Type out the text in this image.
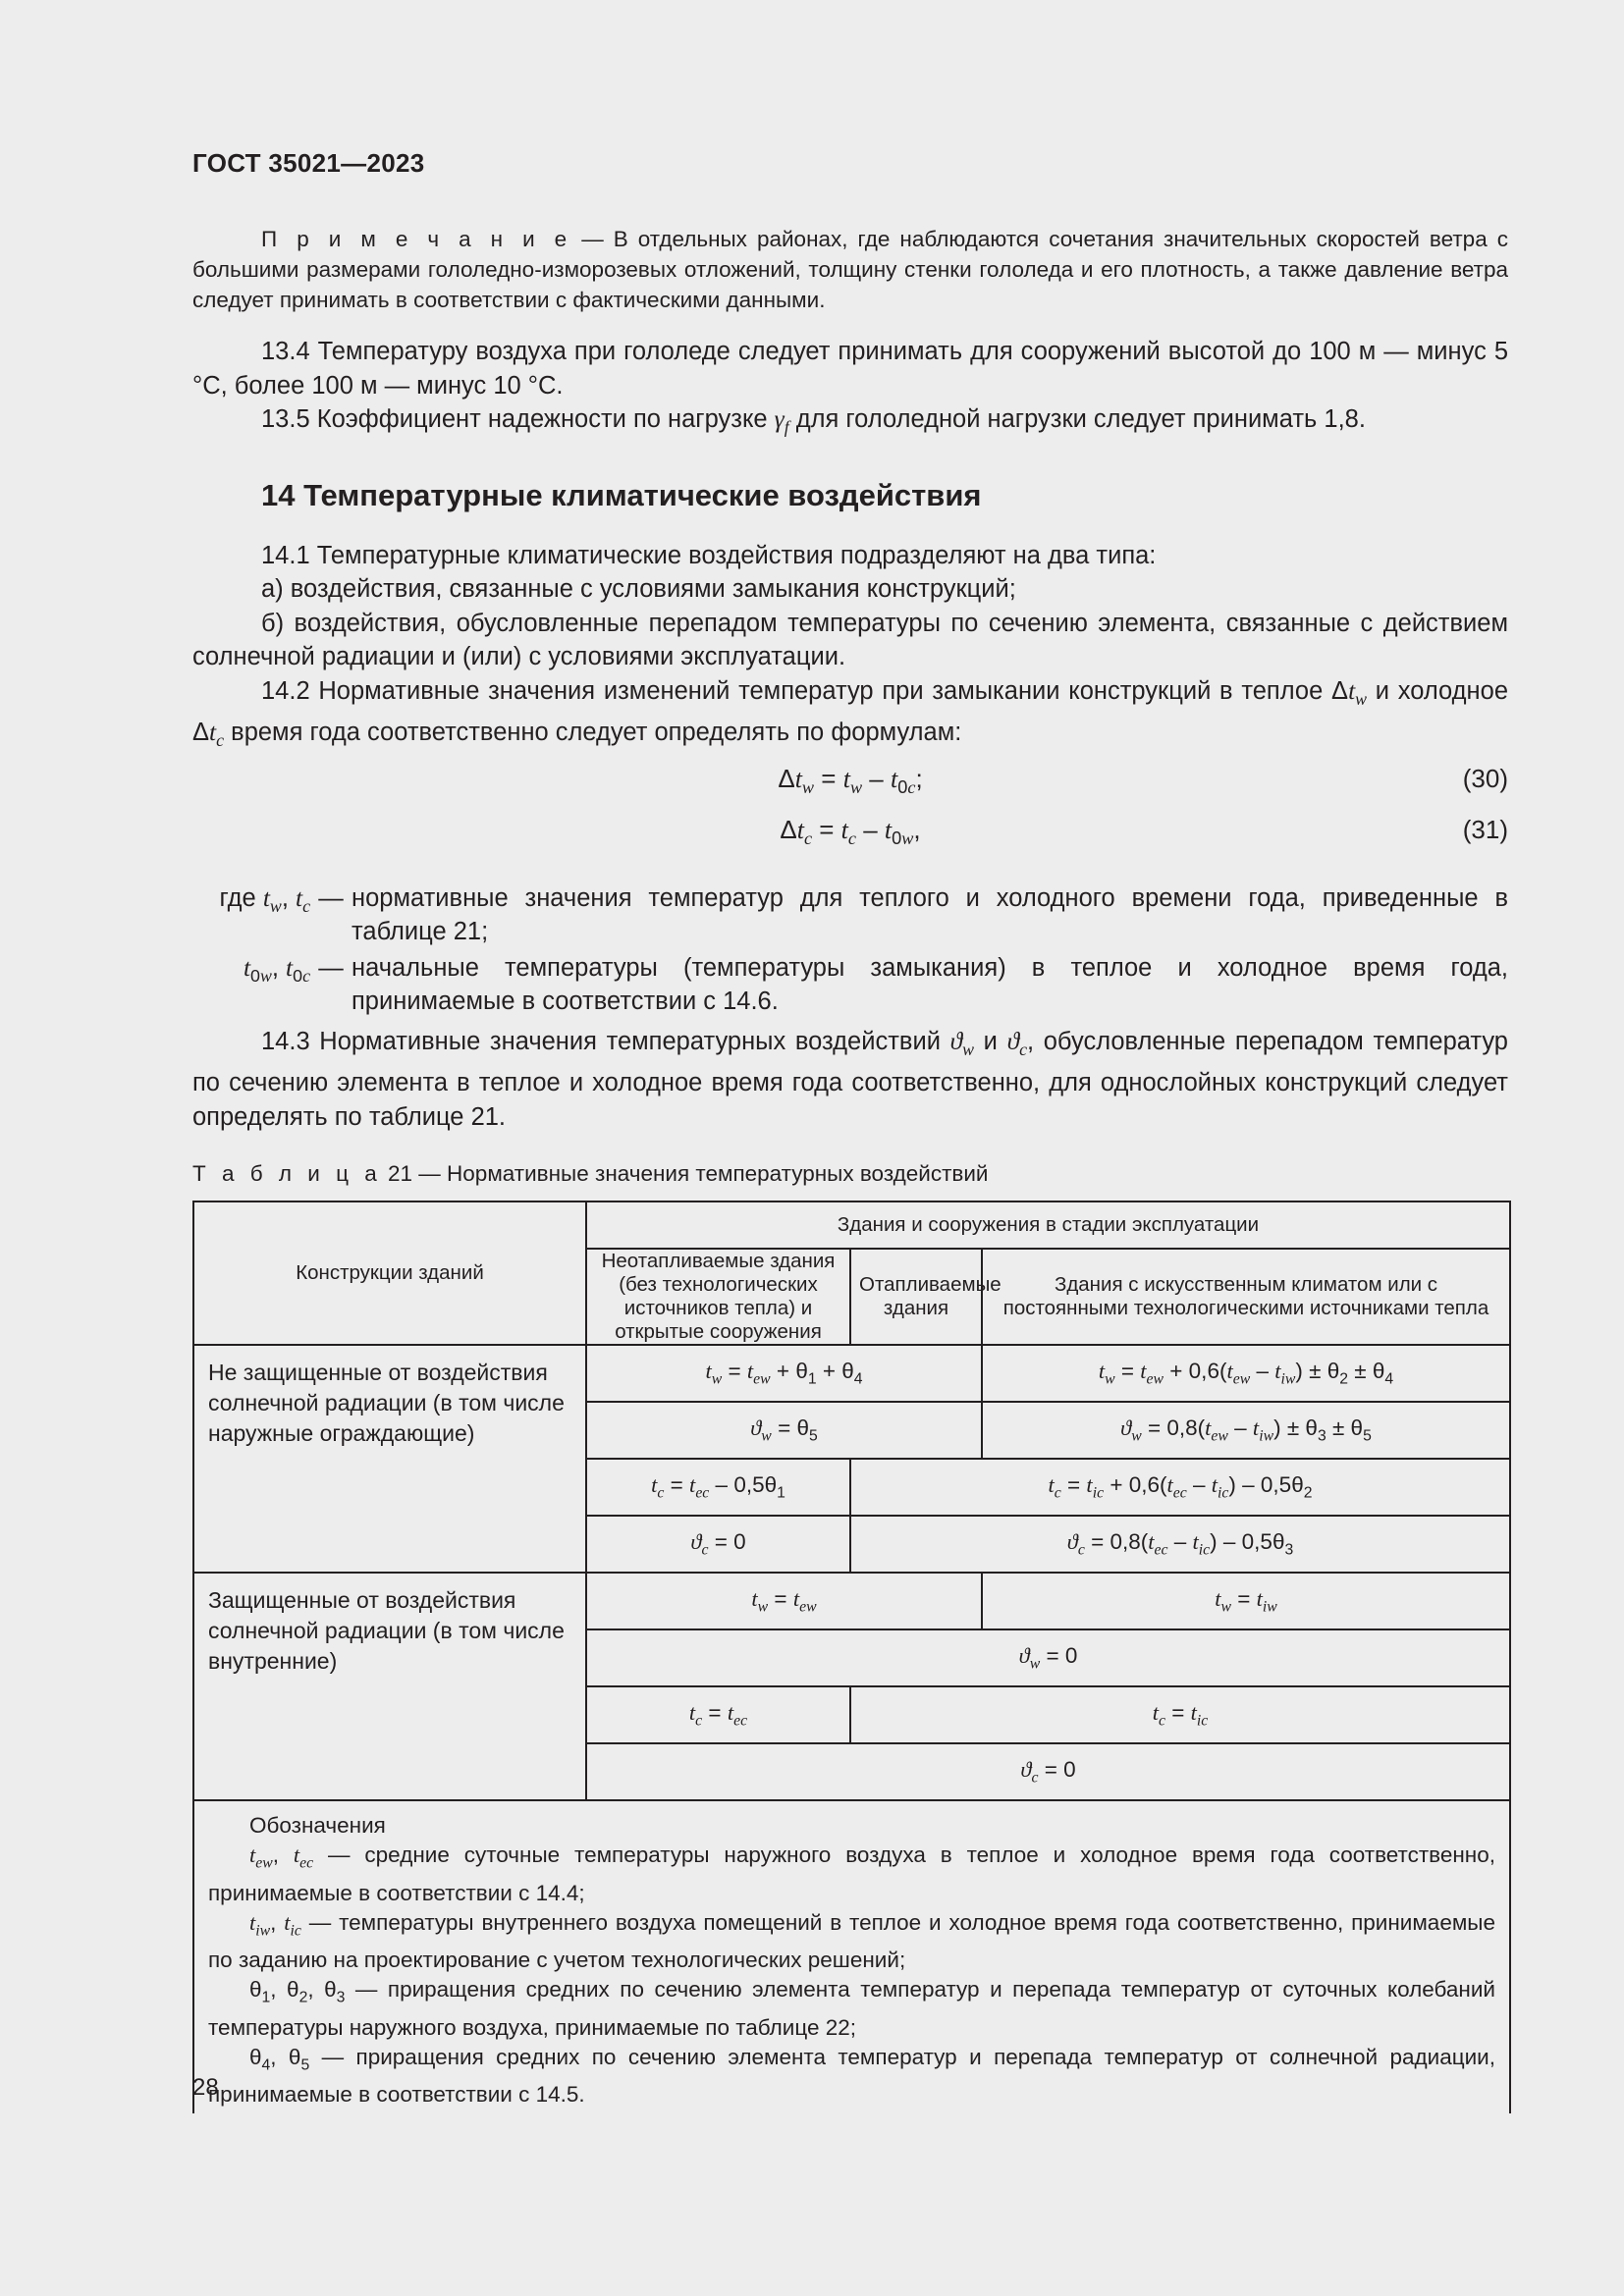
ГОСТ 35021—2023

П р и м е ч а н и е — В отдельных районах, где наблюдаются сочетания значительных скоростей ветра с большими размерами гололедно-изморозевых отложений, толщину стенки гололеда и его плотность, а также давление ветра следует принимать в соответствии с фактическими данными.

13.4 Температуру воздуха при гололеде следует принимать для сооружений высотой до 100 м — минус 5 °С, более 100 м — минус 10 °С.

13.5 Коэффициент надежности по нагрузке $\gamma_f$ для гололедной нагрузки следует принимать 1,8.

14 Температурные климатические воздействия

14.1 Температурные климатические воздействия подразделяют на два типа:

а) воздействия, связанные с условиями замыкания конструкций;

б) воздействия, обусловленные перепадом температуры по сечению элемента, связанные с действием солнечной радиации и (или) с условиями эксплуатации.

14.2 Нормативные значения изменений температур при замыкании конструкций в теплое $\Delta t_w$ и холодное $\Delta t_c$ время года соответственно следует определять по формулам:

$\Delta t_w = t_w - t_{0c}$;	(30)
$\Delta t_c = t_c - t_{0w}$,	(31)
где $t_w$, $t_c$ — нормативные значения температур для теплого и холодного времени года, приведенные в таблице 21;
$t_{0w}$, $t_{0c}$ — начальные температуры (температуры замыкания) в теплое и холодное время года, принимаемые в соответствии с 14.6.

14.3 Нормативные значения температурных воздействий $ϑ_w$ и $ϑ_c$, обусловленные перепадом температур по сечению элемента в теплое и холодное время года соответственно, для однослойных конструкций следует определять по таблице 21.

Т а б л и ц а 21 — Нормативные значения температурных воздействий
Конструкции зданий	Здания и сооружения в стадии эксплуатации		
	Неотапливаемые здания (без технологических источников тепла) и открытые сооружения	Отапливаемые здания	Здания с искусственным климатом или с постоянными технологическими источниками тепла
Не защищенные от воздействия солнечной радиации (в том числе наружные ограждающие)	$t_w = t_{ew} + \theta_1 + \theta_4$		$t_w = t_{ew} + 0,6(t_{ew} - t_{iw}) \pm \theta_2 \pm \theta_4$
	$ϑ_w = \theta_5$		$ϑ_w = 0,8(t_{ew} - t_{iw}) \pm \theta_3 \pm \theta_5$
	$t_c = t_{ec} - 0,5\theta_1$	$t_c = t_{ic} + 0,6(t_{ec} - t_{ic}) - 0,5\theta_2$
	$ϑ_c = 0$	$ϑ_c = 0,8(t_{ec} - t_{ic}) - 0,5\theta_3$
Защищенные от воздействия солнечной радиации (в том числе внутренние)	$t_w = t_{ew}$		$t_w = t_{iw}$
	$ϑ_w = 0$		
	$t_c = t_{ec}$	$t_c = t_{ic}$
	$ϑ_c = 0$		

Обозначения
$t_{ew}$, $t_{ec}$ — средние суточные температуры наружного воздуха в теплое и холодное время года соответственно, принимаемые в соответствии с 14.4;
$t_{iw}$, $t_{ic}$ — температуры внутреннего воздуха помещений в теплое и холодное время года соответственно, принимаемые по заданию на проектирование с учетом технологических решений;
$\theta_1$, $\theta_2$, $\theta_3$ — приращения средних по сечению элемента температур и перепада температур от суточных колебаний температуры наружного воздуха, принимаемые по таблице 22;
$\theta_4$, $\theta_5$ — приращения средних по сечению элемента температур и перепада температур от солнечной радиации, принимаемые в соответствии с 14.5.			
28
